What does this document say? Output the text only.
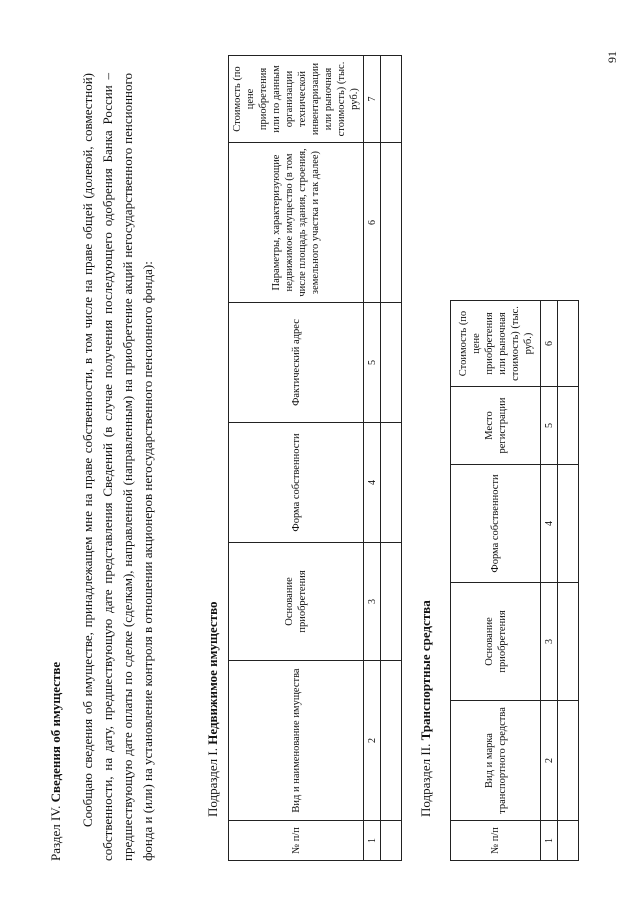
Раздел IV. Сведения об имуществе Сообщаю сведения об имуществе, принадлежащем мне на праве собственности, в том числе на праве общей (долевой, совместной) собственности, на дату, предшествующую дате представления Сведений (в случае получения последующего одобрения Банка России – предшествующую дате оплаты по сделке (сделкам), направленной (направленным) на приобретение акций негосударственного пенсионного фонда и (или) на установление контроля в отношении акционеров негосударственного пенсионного фонда):	Подраздел I. Недвижимое имущество
№ п/п	Вид и наименование имущества	Основание приобретения	Форма собственности	Фактический адрес	Параметры, характеризующие недвижимое имущество (в том числе площадь здания, строения, земельного участка и так далее)	Стоимость (по цене приобретения или по данным организации технической инвентаризации или рыночная стоимость) (тыс. руб.)
1	2	3	4	5	6	7

Подраздел II. Транспортные средства
№ п/п	Вид и марка транспортного средства	Основание приобретения	Форма собственности	Место регистрации	Стоимость (по цене приобретения или рыночная стоимость) (тыс. руб.)
1	2	3	4	5	6

91
